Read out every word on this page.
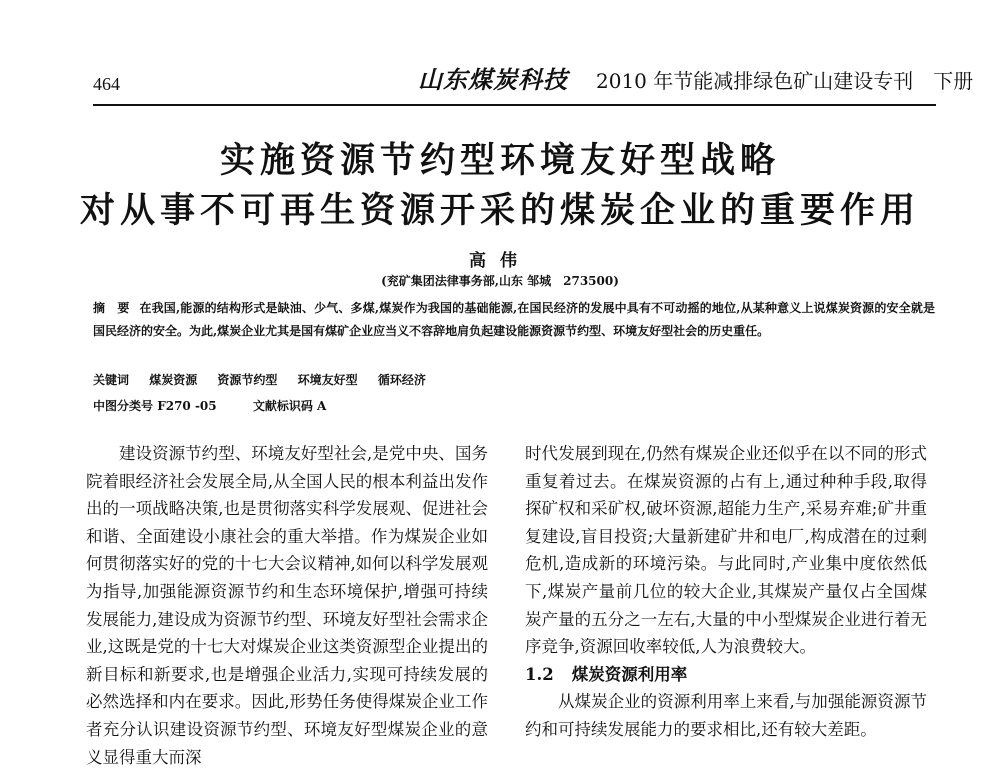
464	山东煤炭科技 2010 年节能减排绿色矿山建设专刊　下册
实施资源节约型环境友好型战略
对从事不可再生资源开采的煤炭企业的重要作用
高伟
(兖矿集团法律事务部,山东 邹城　273500)
摘　要 在我国,能源的结构形式是缺油、少气、多煤,煤炭作为我国的基础能源,在国民经济的发展中具有不可动摇的地位,从某种意义上说煤炭资源的安全就是国民经济的安全。为此,煤炭企业尤其是国有煤矿企业应当义不容辞地肩负起建设能源资源节约型、环境友好型社会的历史重任。
关键词 煤炭资源 资源节约型 环境友好型 循环经济
中图分类号 F270 -05	文献标识码 A
建设资源节约型、环境友好型社会,是党中央、国务院着眼经济社会发展全局,从全国人民的根本利益出发作出的一项战略决策,也是贯彻落实科学发展观、促进社会和谐、全面建设小康社会的重大举措。作为煤炭企业如何贯彻落实好的党的十七大会议精神,如何以科学发展观为指导,加强能源资源节约和生态环境保护,增强可持续发展能力,建设成为资源节约型、环境友好型社会需求企业,这既是党的十七大对煤炭企业这类资源型企业提出的新目标和新要求,也是增强企业活力,实现可持续发展的必然选择和内在要求。因此,形势任务使得煤炭企业工作者充分认识建设资源节约型、环境友好型煤炭企业的意义显得重大而深
时代发展到现在,仍然有煤炭企业还似乎在以不同的形式重复着过去。在煤炭资源的占有上,通过种种手段,取得探矿权和采矿权,破坏资源,超能力生产,采易弃难;矿井重复建设,盲目投资;大量新建矿井和电厂,构成潜在的过剩危机,造成新的环境污染。与此同时,产业集中度依然低下,煤炭产量前几位的较大企业,其煤炭产量仅占全国煤炭产量的五分之一左右,大量的中小型煤炭企业进行着无序竞争,资源回收率较低,人为浪费较大。
1.2 煤炭资源利用率
从煤炭企业的资源利用率上来看,与加强能源资源节约和可持续发展能力的要求相比,还有较大差距。
